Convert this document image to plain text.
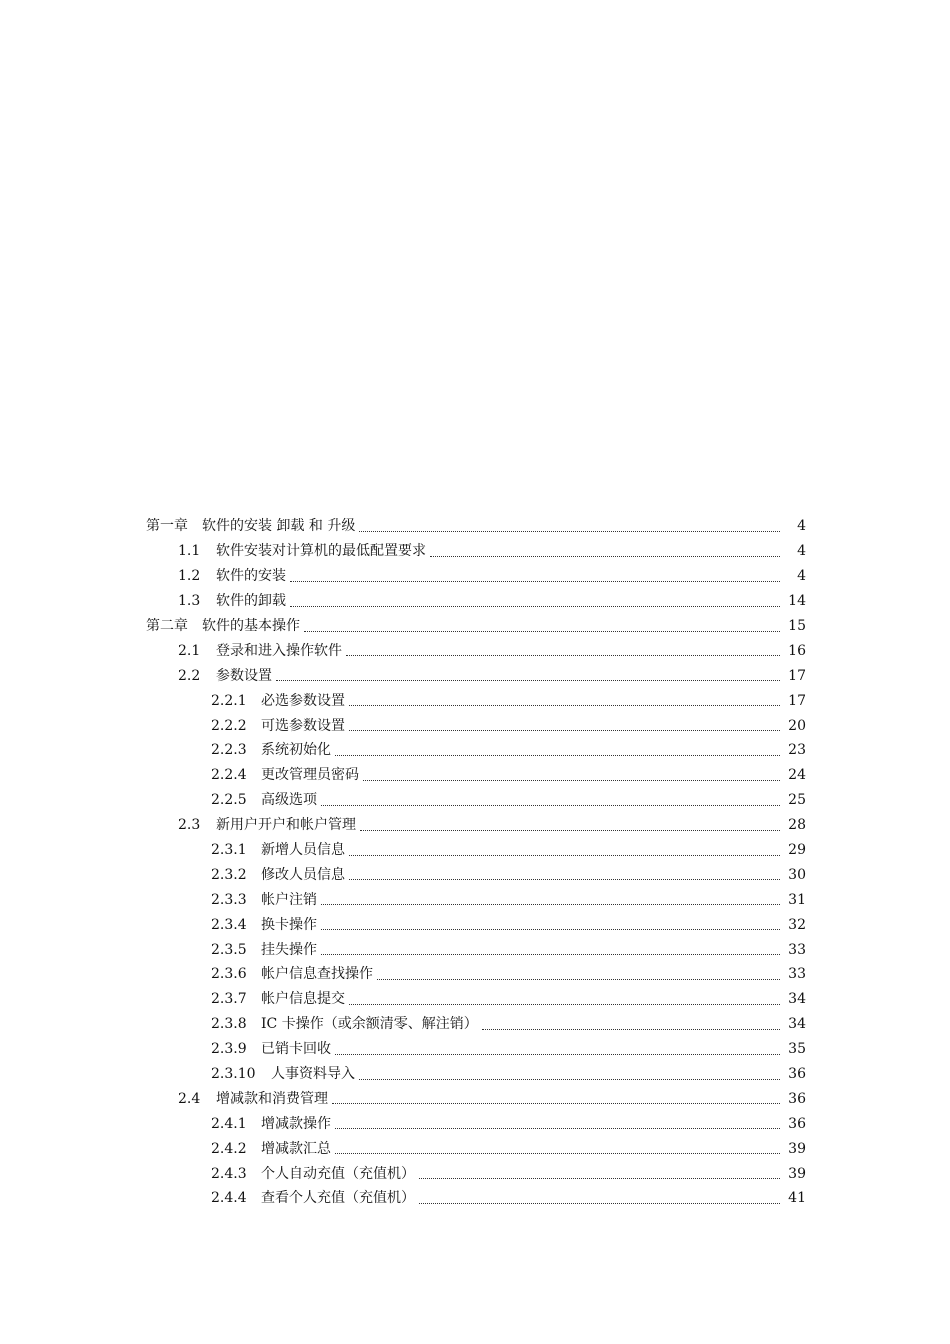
第一章	软件的安装 卸载 和 升级	4
1.1	软件安装对计算机的最低配置要求	4
1.2	软件的安装	4
1.3	软件的卸载	14
第二章	软件的基本操作	15
2.1	登录和进入操作软件	16
2.2	参数设置	17
2.2.1	必选参数设置	17
2.2.2	可选参数设置	20
2.2.3	系统初始化	23
2.2.4	更改管理员密码	24
2.2.5	高级选项	25
2.3	新用户开户和帐户管理	28
2.3.1	新增人员信息	29
2.3.2	修改人员信息	30
2.3.3	帐户注销	31
2.3.4	换卡操作	32
2.3.5	挂失操作	33
2.3.6	帐户信息查找操作	33
2.3.7	帐户信息提交	34
2.3.8	IC 卡操作（或余额清零、解注销）	34
2.3.9	已销卡回收	35
2.3.10	人事资料导入	36
2.4	增减款和消费管理	36
2.4.1	增减款操作	36
2.4.2	增减款汇总	39
2.4.3	个人自动充值（充值机）	39
2.4.4	查看个人充值（充值机）	41
